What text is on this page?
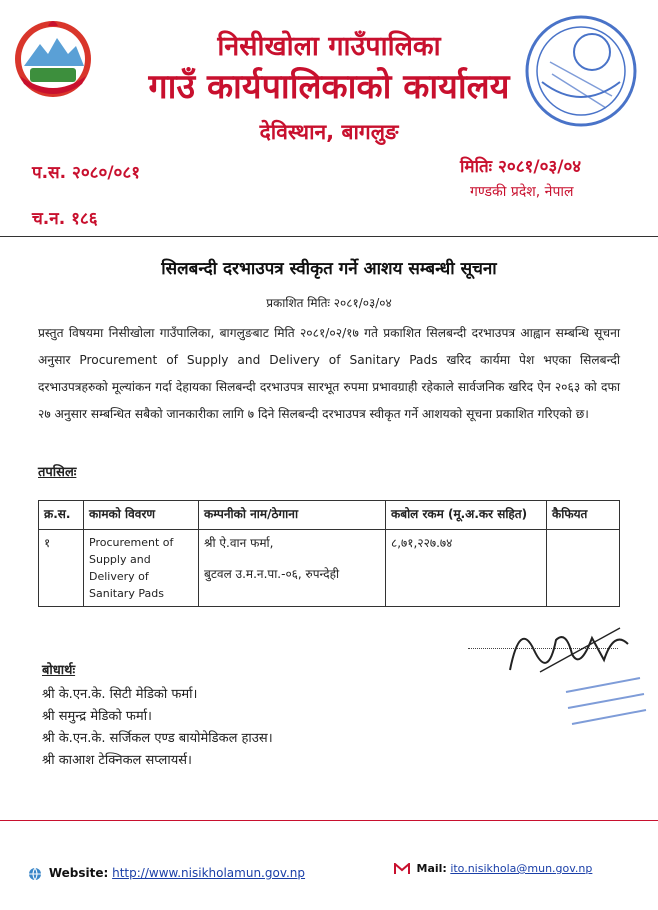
निसीखोला गाउँपालिका
गाउँ कार्यपालिकाको कार्यालय
देविस्थान, बागलुङ
प.स. २०८०/०८१	मितिः २०८१/०३/०४
गण्डकी प्रदेश, नेपाल
च.न. १८६
सिलबन्दी दरभाउपत्र स्वीकृत गर्ने आशय सम्बन्धी सूचना
प्रकाशित मितिः २०८१/०३/०४
प्रस्तुत विषयमा निसीखोला गाउँपालिका, बागलुङबाट मिति २०८१/०२/१७ गते प्रकाशित सिलबन्दी दरभाउपत्र आह्वान सम्बन्धि सूचना अनुसार Procurement of Supply and Delivery of Sanitary Pads खरिद कार्यमा पेश भएका सिलबन्दी दरभाउपत्रहरुको मूल्यांकन गर्दा देहायका सिलबन्दी दरभाउपत्र सारभूत रुपमा प्रभावग्राही रहेकाले सार्वजनिक खरिद ऐन २०६३ को दफा २७ अनुसार सम्बन्धित सबैको जानकारीका लागि ७ दिने सिलबन्दी दरभाउपत्र स्वीकृत गर्ने आशयको सूचना प्रकाशित गरिएको छ।
तपसिलः
क्र.स.	कामको विवरण	कम्पनीको नाम/ठेगाना	कबोल रकम (मू.अ.कर सहित)	कैफियत
१	Procurement of Supply and Delivery of Sanitary Pads	श्री ऐ.वान फर्मा,
बुटवल उ.म.न.पा.-०६, रुपन्देही	८,७१,२२७.७४	
बोधार्थः
श्री के.एन.के. सिटी मेडिको फर्मा।
श्री समुन्द्र मेडिको फर्मा।
श्री के.एन.के. सर्जिकल एण्ड बायोमेडिकल हाउस।
श्री काआश टेक्निकल सप्लायर्स।
Website: http://www.nisikholamun.gov.np	Mail: ito.nisikhola@mun.gov.np
